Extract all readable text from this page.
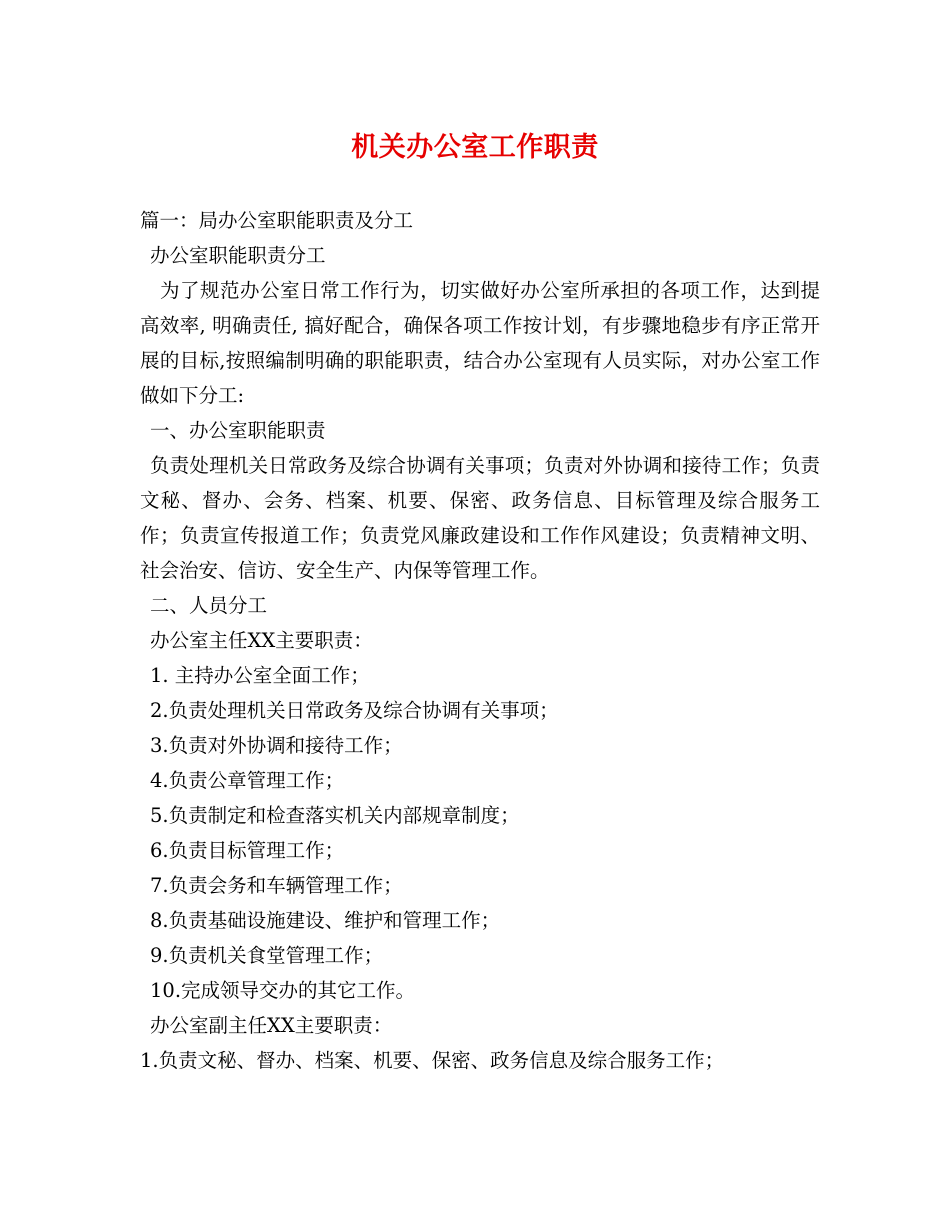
机关办公室工作职责
篇一：局办公室职能职责及分工
办公室职能职责分工
为了规范办公室日常工作行为，切实做好办公室所承担的各项工作，达到提高效率, 明确责任, 搞好配合，确保各项工作按计划，有步骤地稳步有序正常开展的目标,按照编制明确的职能职责，结合办公室现有人员实际，对办公室工作做如下分工:
一、办公室职能职责
负责处理机关日常政务及综合协调有关事项；负责对外协调和接待工作；负责文秘、督办、会务、档案、机要、保密、政务信息、目标管理及综合服务工作；负责宣传报道工作；负责党风廉政建设和工作作风建设；负责精神文明、社会治安、信访、安全生产、内保等管理工作。
二、人员分工
办公室主任XX主要职责：
1. 主持办公室全面工作；
2.负责处理机关日常政务及综合协调有关事项；
3.负责对外协调和接待工作；
4.负责公章管理工作；
5.负责制定和检查落实机关内部规章制度；
6.负责目标管理工作；
7.负责会务和车辆管理工作；
8.负责基础设施建设、维护和管理工作；
9.负责机关食堂管理工作；
10.完成领导交办的其它工作。
办公室副主任XX主要职责：
1.负责文秘、督办、档案、机要、保密、政务信息及综合服务工作；
